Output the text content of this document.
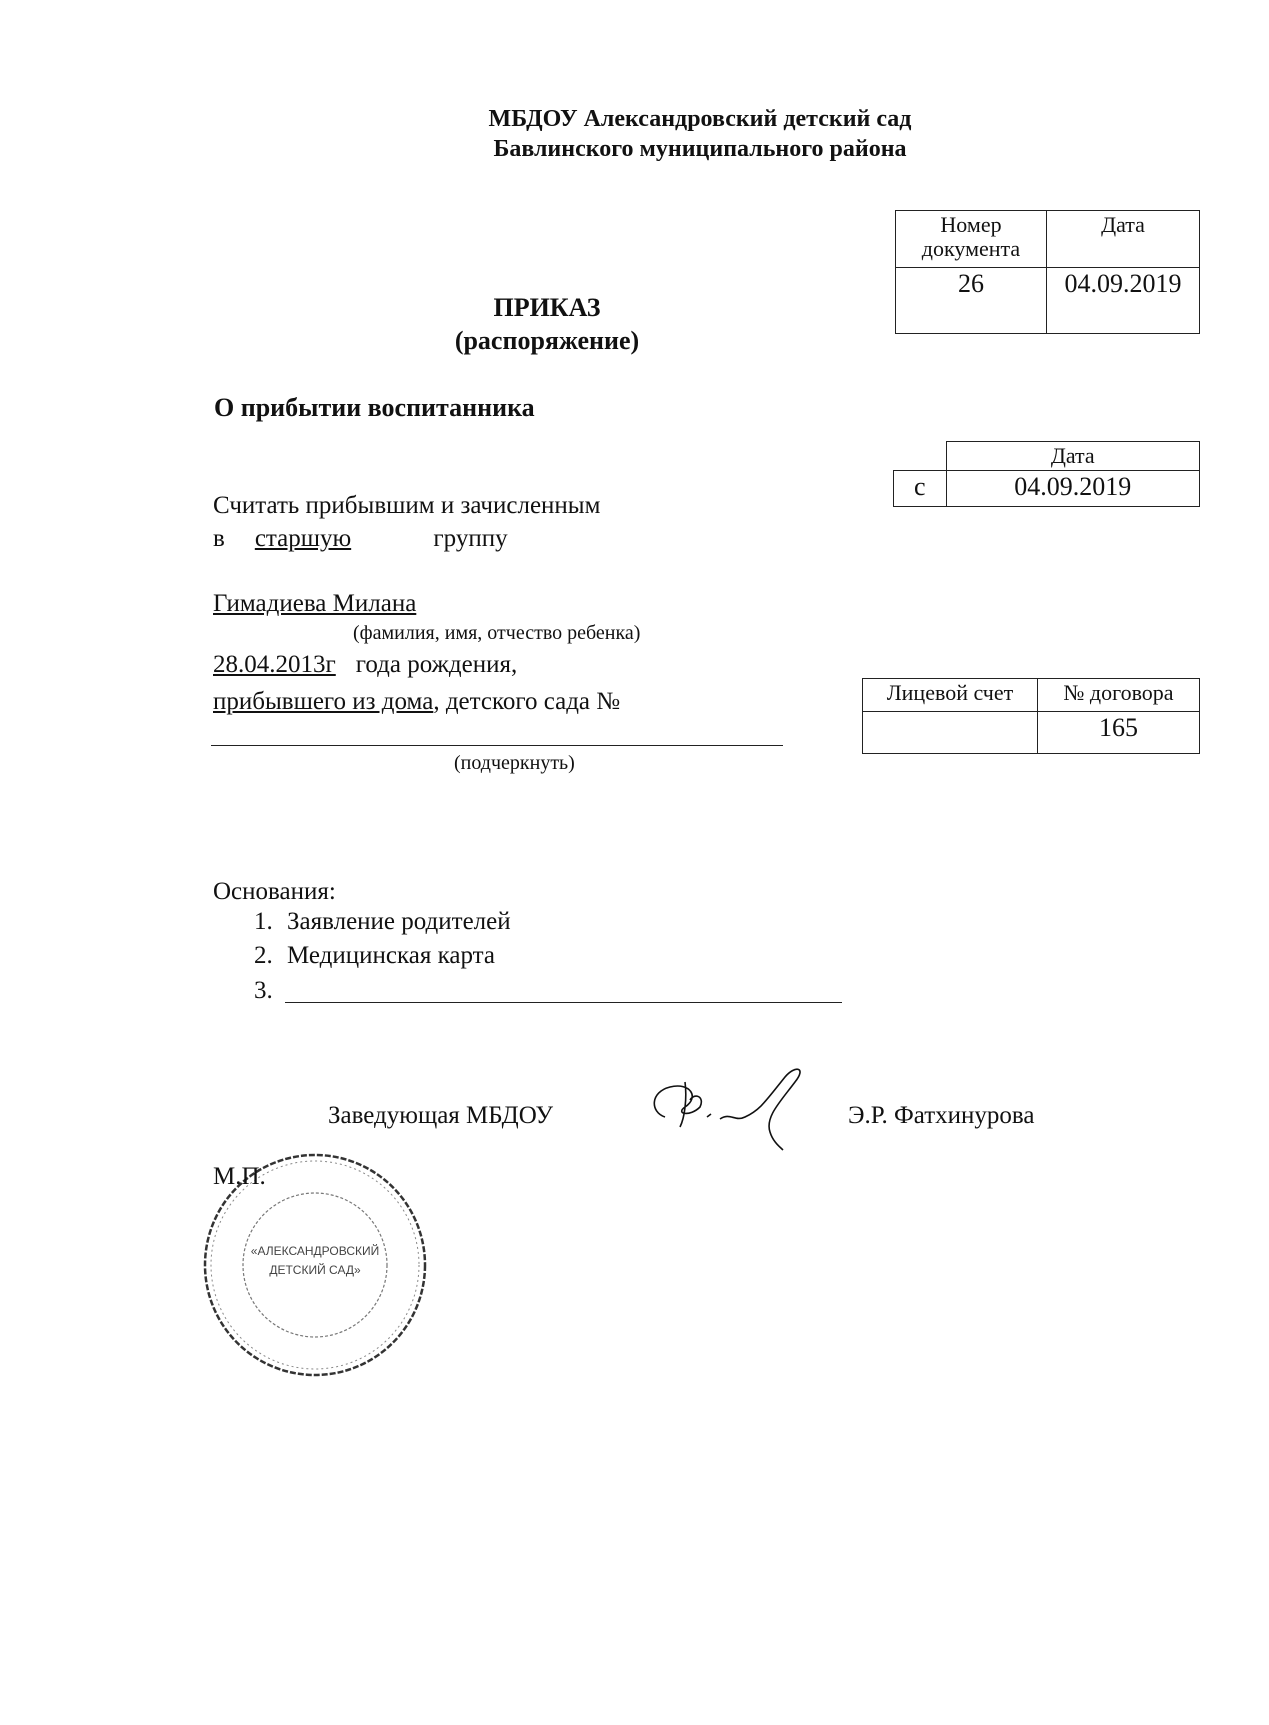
МБДОУ Александровский детский сад
Бавлинского муниципального района
Номер документа	Дата
26	04.09.2019
ПРИКАЗ
(распоряжение)
О прибытии воспитанника
	Дата
с	04.09.2019
Считать прибывшим и зачисленным
в старшую	группу
Гимадиева Милана
(фамилия, имя, отчество ребенка)
28.04.2013г года рождения,
прибывшего из дома, детского сада №
(подчеркнуть)
Лицевой счет	№ договора
	165
Основания:
1. Заявление родителей
2. Медицинская карта
3.
Заведующая МБДОУ	Э.Р. Фатхинурова
«АЛЕКСАНДРОВСКИЙ
ДЕТСКИЙ САД»
М.П.
